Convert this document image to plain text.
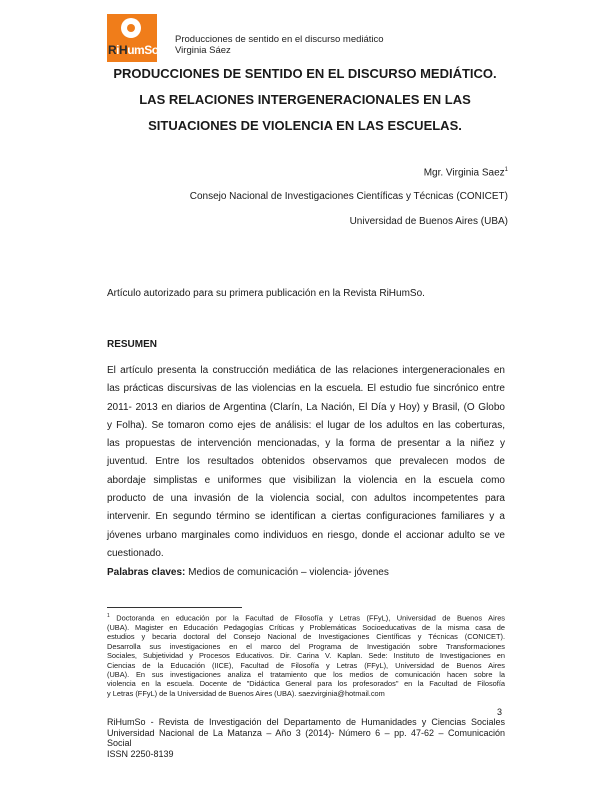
RiHumSo
Producciones de sentido en el discurso mediático
Virginia Sáez
PRODUCCIONES DE SENTIDO EN EL DISCURSO MEDIÁTICO.
LAS RELACIONES INTERGENERACIONALES EN LAS
SITUACIONES DE VIOLENCIA EN LAS ESCUELAS.
Mgr. Virginia Saez$^1$
Consejo Nacional de Investigaciones Científicas y Técnicas (CONICET)
Universidad de Buenos Aires (UBA)
Artículo autorizado para su primera publicación en la Revista RiHumSo.
RESUMEN
El artículo presenta la construcción mediática de las relaciones intergeneracionales en
las prácticas discursivas de las violencias en la escuela. El estudio fue sincrónico entre
2011- 2013 en diarios de Argentina (Clarín, La Nación, El Día y Hoy) y Brasil, (O Globo
y Folha). Se tomaron como ejes de análisis: el lugar de los adultos en las coberturas,
las propuestas de intervención mencionadas, y la forma de presentar a la niñez y
juventud. Entre los resultados obtenidos observamos que prevalecen modos de
abordaje simplistas e uniformes que visibilizan la violencia en la escuela como
producto de una invasión de la violencia social, con adultos incompetentes para
intervenir. En segundo término se identifican a ciertas configuraciones familiares y a
jóvenes urbano marginales como individuos en riesgo, donde el accionar adulto se ve
cuestionado.
Palabras claves: Medios de comunicación – violencia- jóvenes
$^1$ Doctoranda en educación por la Facultad de Filosofía y Letras (FFyL), Universidad de Buenos Aires
(UBA). Magister en Educación Pedagogías Críticas y Problemáticas Socioeducativas de la misma casa de
estudios y becaria doctoral del Consejo Nacional de Investigaciones Científicas y Técnicas (CONICET).
Desarrolla sus investigaciones en el marco del Programa de Investigación sobre Transformaciones
Sociales, Subjetividad y Procesos Educativos. Dir. Carina V. Kaplan. Sede: Instituto de Investigaciones en
Ciencias de la Educación (IICE), Facultad de Filosofía y Letras (FFyL), Universidad de Buenos Aires
(UBA). En sus investigaciones analiza el tratamiento que los medios de comunicación hacen sobre la
violencia en la escuela. Docente de "Didáctica General para los profesorados" en la Facultad de Filosofía
y Letras (FFyL) de la Universidad de Buenos Aires (UBA). saezvirginia@hotmail.com
3
RiHumSo - Revista de Investigación del Departamento de Humanidades y Ciencias Sociales
Universidad Nacional de La Matanza – Año 3 (2014)- Número 6 – pp. 47-62 – Comunicación
Social
ISSN 2250-8139
